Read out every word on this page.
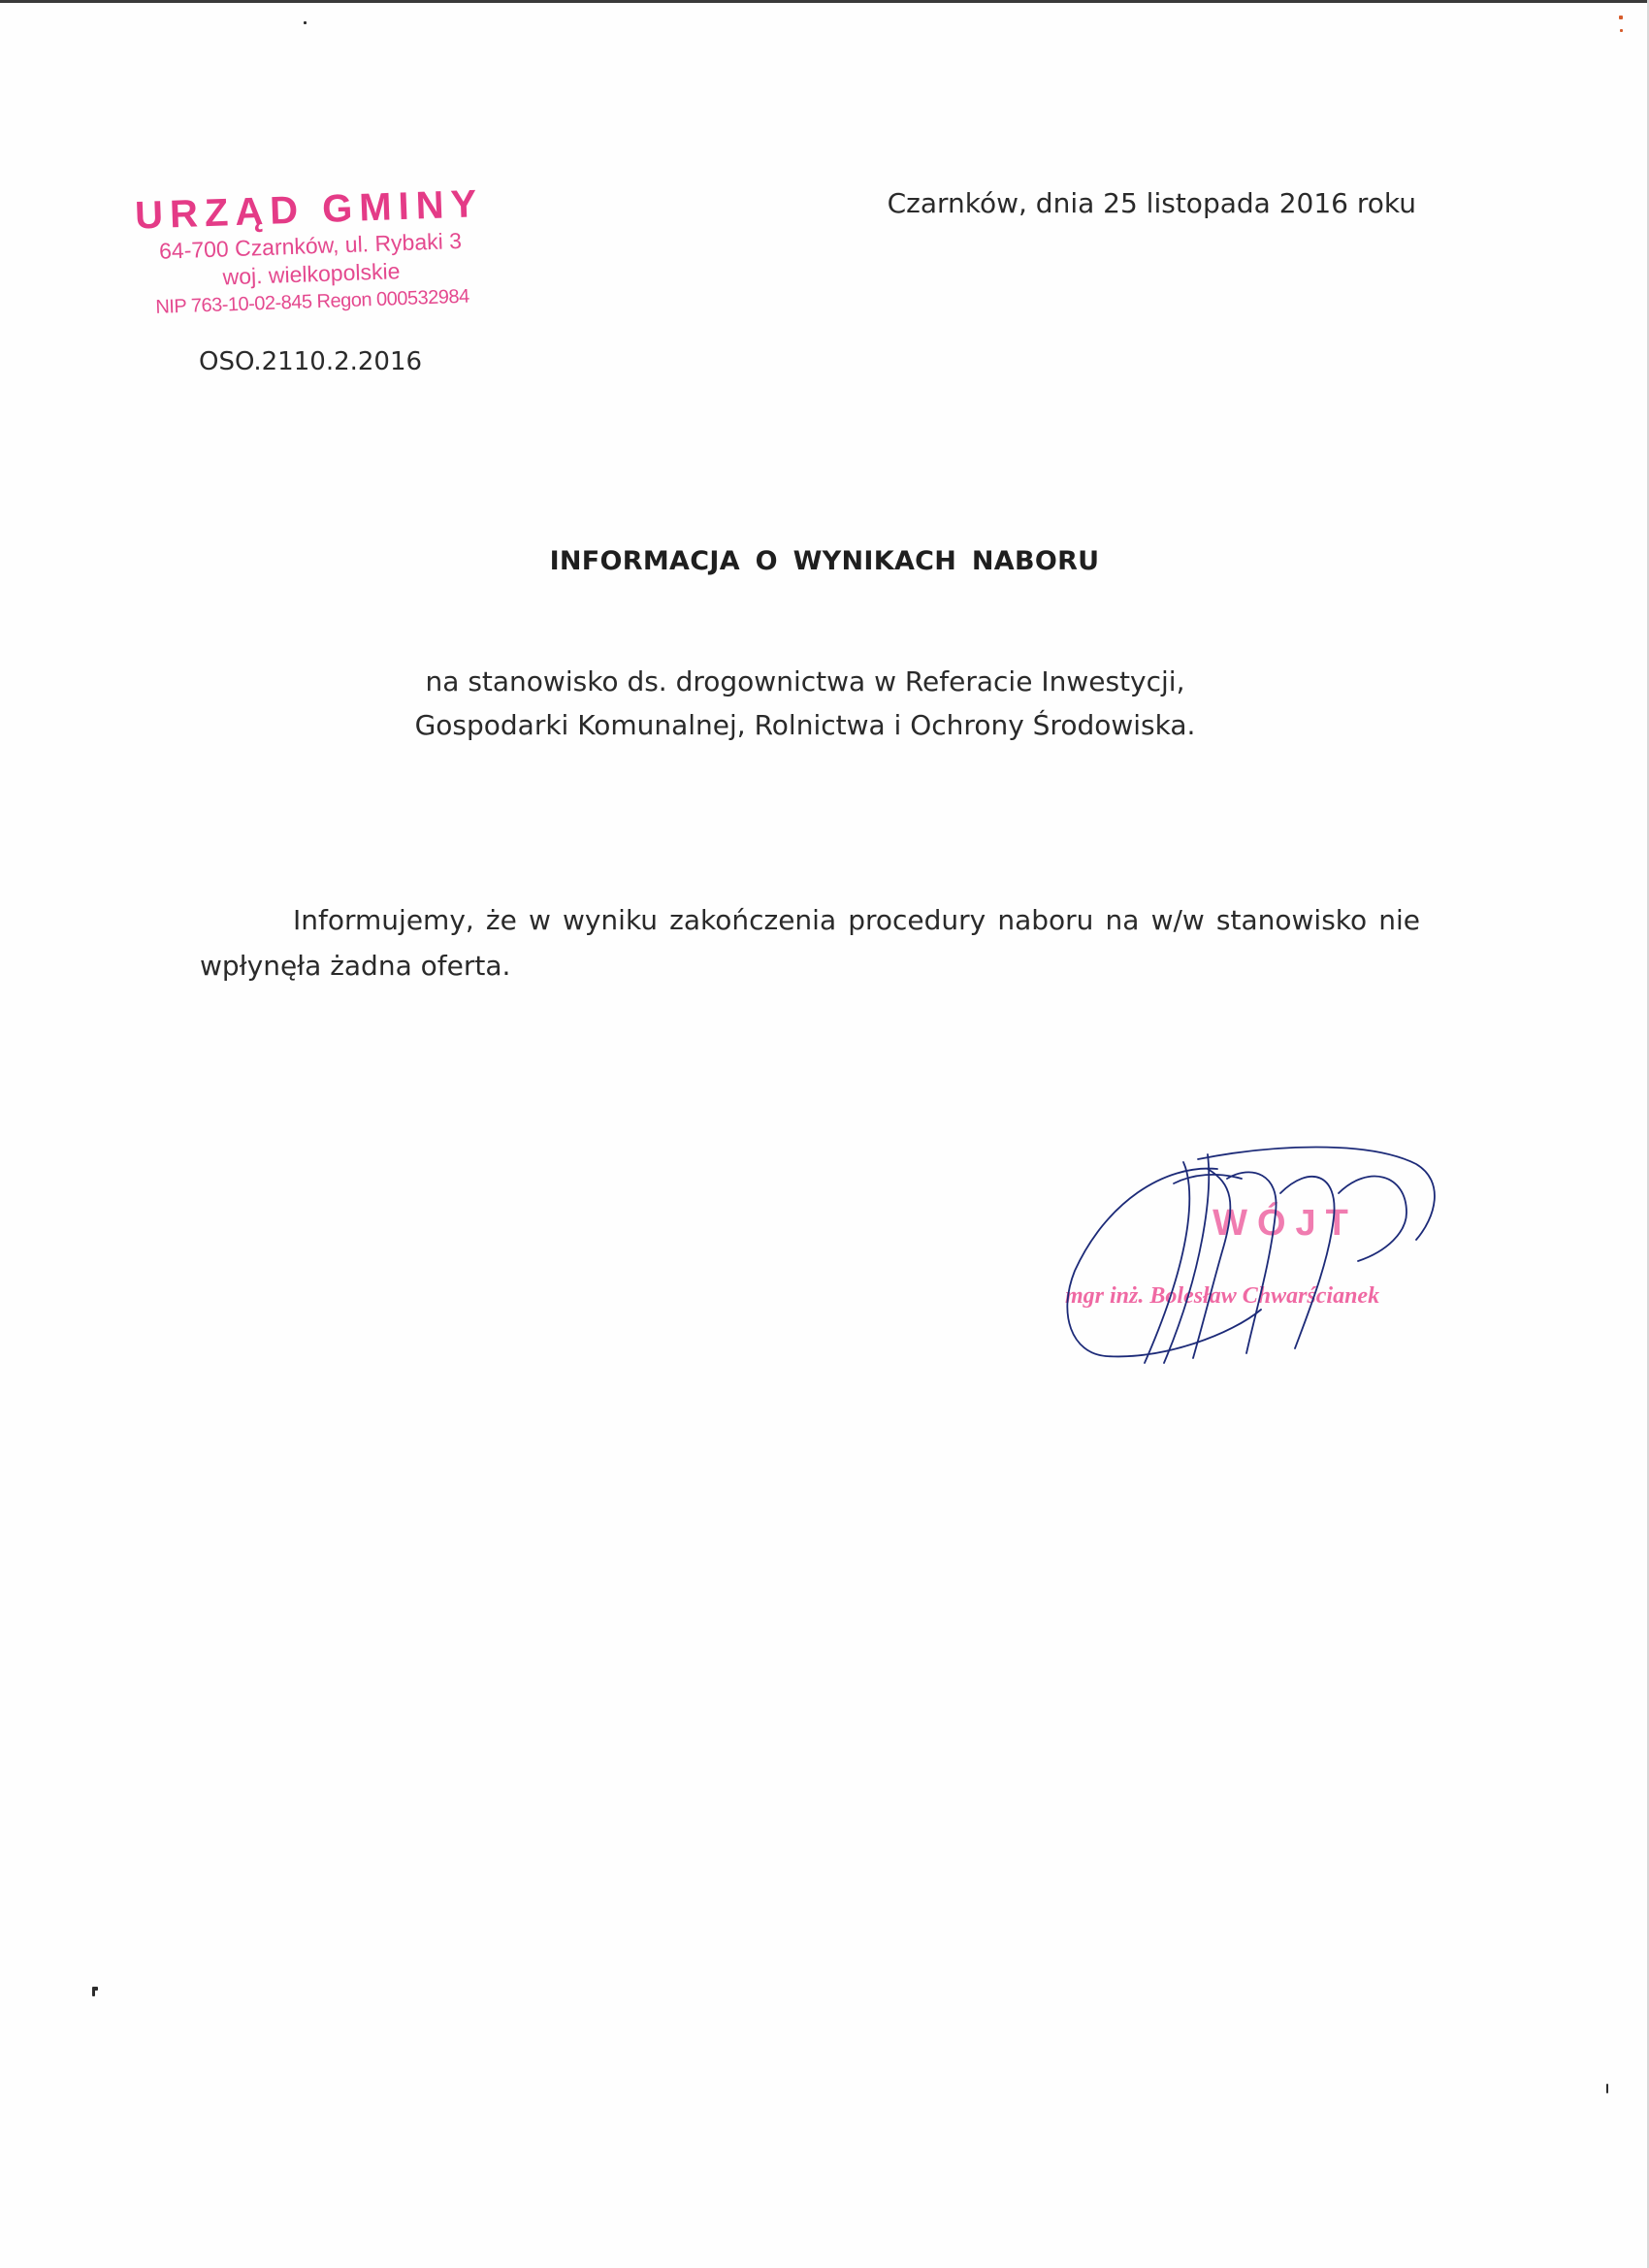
URZĄD GMINY
64-700 Czarnków, ul. Rybaki 3
woj. wielkopolskie
NIP 763-10-02-845 Regon 000532984
OSO.2110.2.2016
Czarnków, dnia 25 listopada 2016 roku
INFORMACJA O WYNIKACH NABORU
na stanowisko ds. drogownictwa w Referacie Inwestycji,
Gospodarki Komunalnej, Rolnictwa i Ochrony Środowiska.
Informujemy, że w wyniku zakończenia procedury naboru na w/w stanowisko nie wpłynęła żadna oferta.
WÓJT
mgr inż. Bolesław Chwarścianek
